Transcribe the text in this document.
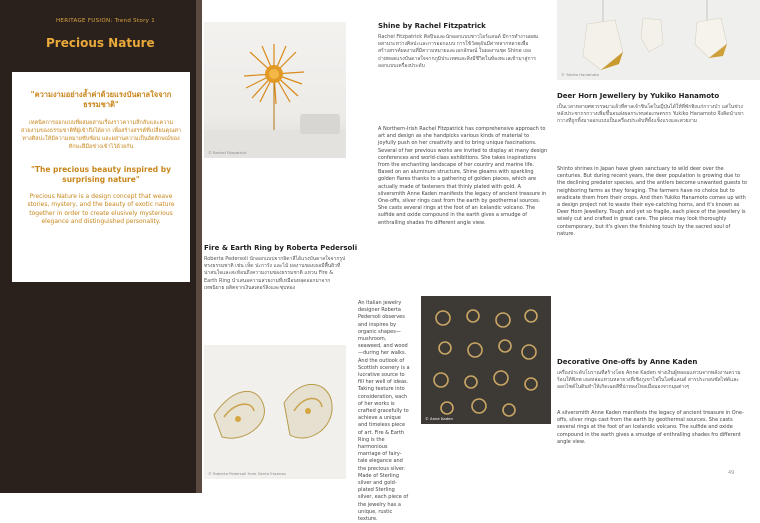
HERITAGE FUSION: Trend Story 1
Precious Nature
"ความงามอย่างล้ำค่าด้วยแรงบันดาลใจจากธรรมชาติ"
เทคนิคการออกแบบที่ผสมผสานเรื่องราวความลึกลับและความสวยงามของธรรมชาติที่ผู้เข้าถึงได้ยาก เพื่อสร้างสรรค์ที่เปลี่ยนคุณค่าทางศิลปะให้มีความหมายซับซ้อน และผสานความเป็นอัตลักษณ์ของทักษะฝีมือช่างเข้าไว้ด้วยกัน
"The precious beauty inspired by surprising nature"
Precious Nature is a design concept that weave stories, mystery, and the beauty of exotic nature together in order to create elusively mysterious elegance and distinguished personality.
© Rachel Fitzpatrick
© Roberta Pedersoli from Gente Essenza
© Yukiko Hanamoto
© Anne Kaden
Shine by Rachel Fitzpatrick
Rachel Fitzpatrick ศิลปินและนักออกแบบชาวไอร์แลนด์ มีการทำงานผสมผสานระหว่างศิลปะและการออกแบบ การใช้วัสดุอันมีค่าหลากหลายเพื่อสร้างสรรค์ผลงานที่มีความหมายและเอกลักษณ์ ในผลงานชุด Shine เธอถ่ายทอดแรงบันดาลใจจากภูมิประเทศและสิ่งมีชีวิตในท้องทะเลเข้ามาสู่การออกแบบเครื่องประดับ
A Northern-Irish Rachel Fitzpatrick has comprehensive approach to art and design as she handpicks various kinds of material to joyfully push on her creativity and to bring unique fascinations. Several of her previous works are invited to display at many design conferences and world-class exhibitions. She takes inspirations from the enchanting landscape of her country and marine life. Based on an aluminum structure, Shine gleams with sparkling golden flares thanks to a gathering of golden pieces, which are actually made of fasteners that thinly plated with gold. A silversmith Anne Kaden manifests the legacy of ancient treasure in One-offs, silver rings cast from the earth by geothermal sources. She casts several rings at the foot of an Icelandic volcano. The sulfide and oxide compound in the earth gives a smudge of enthralling shades fro different angle view.
Deer Horn Jewellery by Yukiko Hanamoto
เป็นเวลาหลายศตวรรษมาแล้วที่ศาลเจ้าชินโตในญี่ปุ่นได้ให้ที่พักพิงแก่กวางป่า แต่ในช่วงหลังประชากรกวางเพิ่มขึ้นจนส่งผลกระทบต่อเกษตรกร Yukiko Hanamoto จึงคิดนำเขากวางที่ถูกทิ้งมาออกแบบเป็นเครื่องประดับที่ทั้งแข็งแรงและสวยงาม
Shinto shrines in Japan have given sanctuary to wild deer over the centuries. But during recent years, the deer population is growing due to the declining predator species, and the antlers become unwanted guests to neighboring farms as they foraging. The farmers have no choice but to eradicate them from their crops. And then Yukiko Hanamoto comes up with a design project not to waste their eye-catching horns, and it's known as Deer Horn Jewellery. Tough and yet so fragile, each piece of the jewellery is wisely cut and crafted in great care. The piece may look thoroughly contemporary, but it's given the finishing touch by the sacred soul of nature.
Fire & Earth Ring by Roberta Pedersoli
Roberta Pedersoli นักออกแบบจากอิตาลีได้แรงบันดาลใจจากรูปทรงธรรมชาติ เช่น เห็ด ปะการัง และไม้ ผลงานของเธอมีพื้นผิวที่น่าสนใจและสะท้อนถึงความงามของธรรมชาติ แหวน Fire & Earth Ring นำเสนอความสวยงามที่เหมือนหลุดออกมาจากเทพนิยาย ผลิตจากเงินสเตอร์ลิงและชุบทอง
An Italian jewelry designer Roberta Pedersoli observes and inspires by organic shapes—mushroom, seaweed, and wood—during her walks. And the outlook of Scottish scenery is a lucrative source to fill her well of ideas. Taking texture into consideration, each of her works is crafted gracefully to achieve a unique and timeless piece of art. Fire & Earth Ring is the harmonious marriage of fairy-tale elegance and the precious silver. Made of Sterling silver and gold-plated Sterling silver, each piece of the jewelry has a unique, rustic texture.
Decorative One-offs by Anne Kaden
เครื่องประดับโบราณที่สร้างโดย Anne Kaden ช่างเงินผู้หลอมแหวนจากพลังงานความร้อนใต้พิภพ เธอหล่อแหวนหลายวงที่เชิงภูเขาไฟในไอซ์แลนด์ สารประกอบซัลไฟด์และออกไซด์ในดินทำให้เกิดเฉดสีที่น่าหลงใหลเมื่อมองจากมุมต่างๆ
A silversmith Anne Kaden manifests the legacy of ancient treasure in One-offs, silver rings cast from the earth by geothermal sources. She casts several rings at the foot of an Icelandic volcano. The sulfide and oxide compound in the earth gives a smudge of enthralling shades fro different angle view.
49
